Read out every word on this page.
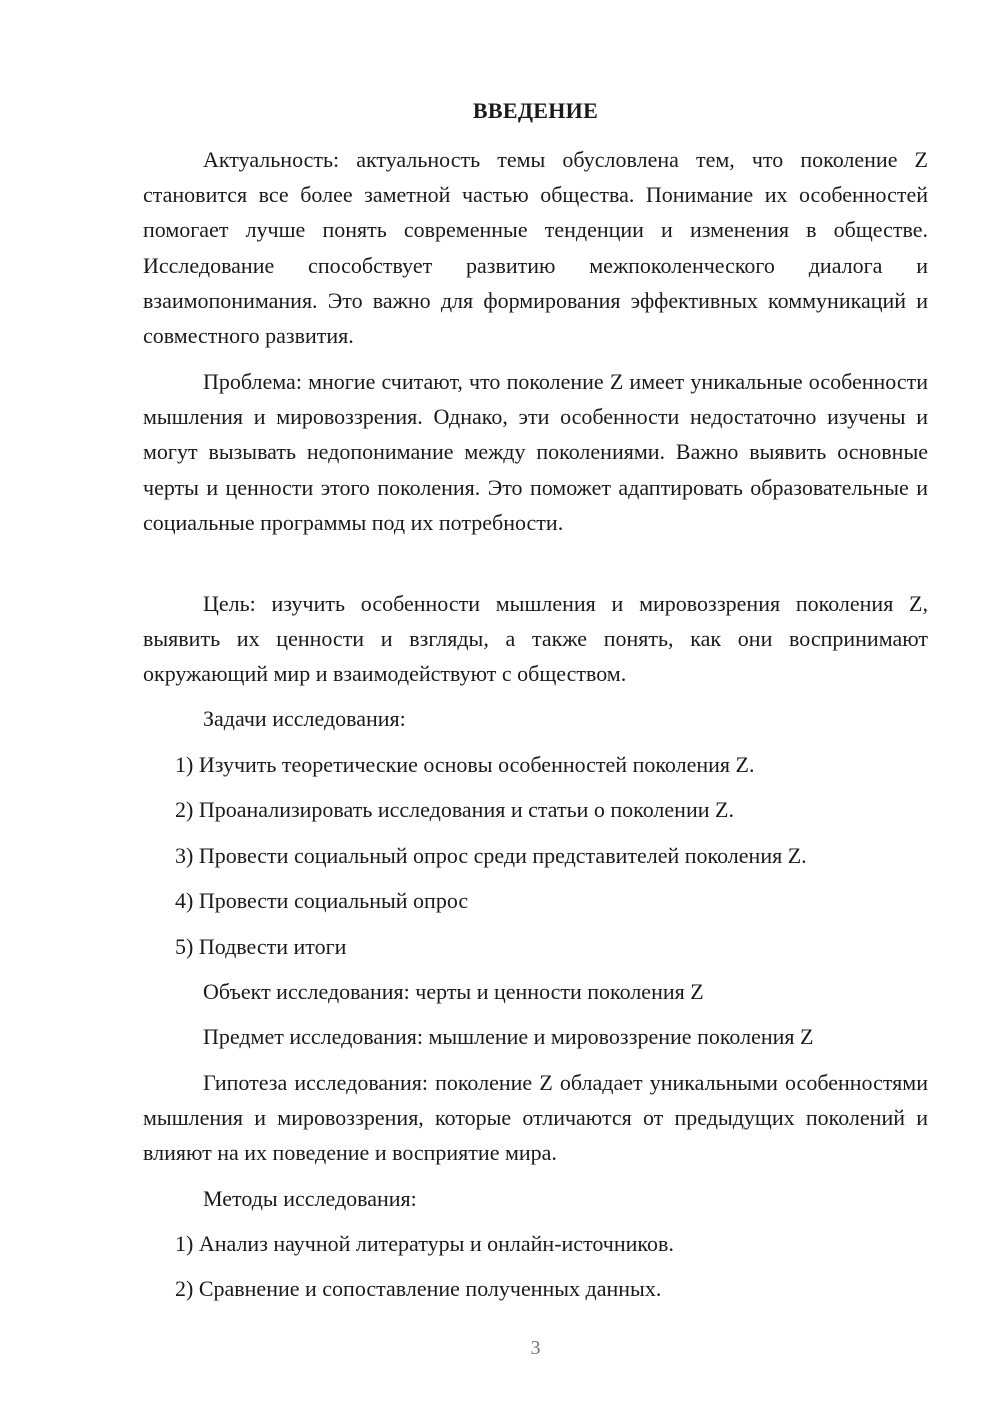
ВВЕДЕНИЕ

Актуальность: актуальность темы обусловлена тем, что поколение Z становится все более заметной частью общества. Понимание их особенностей помогает лучше понять современные тенденции и изменения в обществе. Исследование способствует развитию межпоколенческого диалога и взаимопонимания. Это важно для формирования эффективных коммуникаций и совместного развития.

Проблема: многие считают, что поколение Z имеет уникальные особенности мышления и мировоззрения. Однако, эти особенности недостаточно изучены и могут вызывать недопонимание между поколениями. Важно выявить основные черты и ценности этого поколения. Это поможет адаптировать образовательные и социальные программы под их потребности.

Цель: изучить особенности мышления и мировоззрения поколения Z, выявить их ценности и взгляды, а также понять, как они воспринимают окружающий мир и взаимодействуют с обществом.

Задачи исследования:

1) Изучить теоретические основы особенностей поколения Z.

2) Проанализировать исследования и статьи о поколении Z.

3) Провести социальный опрос среди представителей поколения Z.

4) Провести социальный опрос

5) Подвести итоги

Объект исследования: черты и ценности поколения Z

Предмет исследования: мышление и мировоззрение поколения Z

Гипотеза исследования: поколение Z обладает уникальными особенностями мышления и мировоззрения, которые отличаются от предыдущих поколений и влияют на их поведение и восприятие мира.

Методы исследования:

1) Анализ научной литературы и онлайн-источников.

2) Сравнение и сопоставление полученных данных.

3
